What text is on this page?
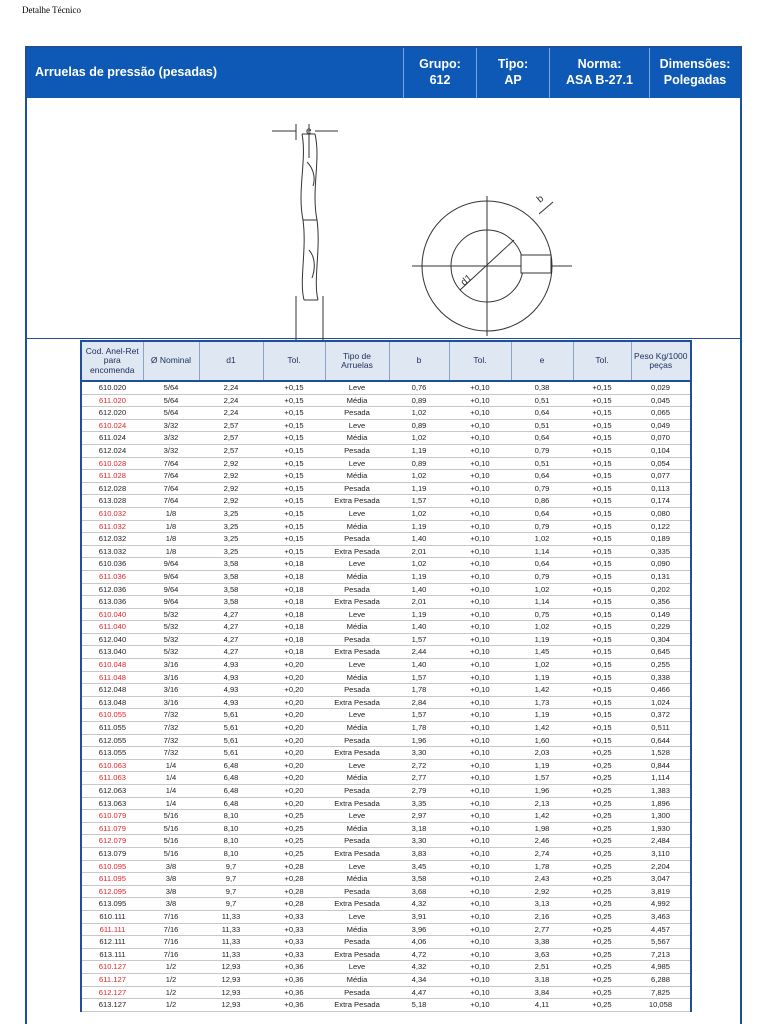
Detalhe Técnico
Arruelas de pressão (pesadas)
Grupo:
612
Tipo:
AP
Norma:
ASA B-27.1
Dimensões:
Polegadas
e
b
d1
Cod. Anel-Ret para encomenda	Ø Nominal	d1	Tol.	Tipo de Arruelas	b	Tol.	e	Tol.	Peso Kg/1000 peças
610.020	5/64	2,24	+0,15	Leve	0,76	+0,10	0,38	+0,15	0,029
611.020	5/64	2,24	+0,15	Média	0,89	+0,10	0,51	+0,15	0,045
612.020	5/64	2,24	+0,15	Pesada	1,02	+0,10	0,64	+0,15	0,065
610.024	3/32	2,57	+0,15	Leve	0,89	+0,10	0,51	+0,15	0,049
611.024	3/32	2,57	+0,15	Média	1,02	+0,10	0,64	+0,15	0,070
612.024	3/32	2,57	+0,15	Pesada	1,19	+0,10	0,79	+0,15	0,104
610.028	7/64	2,92	+0,15	Leve	0,89	+0,10	0,51	+0,15	0,054
611.028	7/64	2,92	+0,15	Média	1,02	+0,10	0,64	+0,15	0,077
612.028	7/64	2,92	+0,15	Pesada	1,19	+0,10	0,79	+0,15	0,113
613.028	7/64	2,92	+0,15	Extra Pesada	1,57	+0,10	0,86	+0,15	0,174
610.032	1/8	3,25	+0,15	Leve	1,02	+0,10	0,64	+0,15	0,080
611.032	1/8	3,25	+0,15	Média	1,19	+0,10	0,79	+0,15	0,122
612.032	1/8	3,25	+0,15	Pesada	1,40	+0,10	1,02	+0,15	0,189
613.032	1/8	3,25	+0,15	Extra Pesada	2,01	+0,10	1,14	+0,15	0,335
610.036	9/64	3,58	+0,18	Leve	1,02	+0,10	0,64	+0,15	0,090
611.036	9/64	3,58	+0,18	Média	1,19	+0,10	0,79	+0,15	0,131
612.036	9/64	3,58	+0,18	Pesada	1,40	+0,10	1,02	+0,15	0,202
613.036	9/64	3,58	+0,18	Extra Pesada	2,01	+0,10	1,14	+0,15	0,356
610.040	5/32	4,27	+0,18	Leve	1,19	+0,10	0,75	+0,15	0,149
611.040	5/32	4,27	+0,18	Média	1,40	+0,10	1,02	+0,15	0,229
612.040	5/32	4,27	+0,18	Pesada	1,57	+0,10	1,19	+0,15	0,304
613.040	5/32	4,27	+0,18	Extra Pesada	2,44	+0,10	1,45	+0,15	0,645
610.048	3/16	4,93	+0,20	Leve	1,40	+0,10	1,02	+0,15	0,255
611.048	3/16	4,93	+0,20	Média	1,57	+0,10	1,19	+0,15	0,338
612.048	3/16	4,93	+0,20	Pesada	1,78	+0,10	1,42	+0,15	0,466
613.048	3/16	4,93	+0,20	Extra Pesada	2,84	+0,10	1,73	+0,15	1,024
610.055	7/32	5,61	+0,20	Leve	1,57	+0,10	1,19	+0,15	0,372
611.055	7/32	5,61	+0,20	Média	1,78	+0,10	1,42	+0,15	0,511
612.055	7/32	5,61	+0,20	Pesada	1,96	+0,10	1,60	+0,15	0,644
613.055	7/32	5,61	+0,20	Extra Pesada	3,30	+0,10	2,03	+0,25	1,528
610.063	1/4	6,48	+0,20	Leve	2,72	+0,10	1,19	+0,25	0,844
611.063	1/4	6,48	+0,20	Média	2,77	+0,10	1,57	+0,25	1,114
612.063	1/4	6,48	+0,20	Pesada	2,79	+0,10	1,96	+0,25	1,383
613.063	1/4	6,48	+0,20	Extra Pesada	3,35	+0,10	2,13	+0,25	1,896
610.079	5/16	8,10	+0,25	Leve	2,97	+0,10	1,42	+0,25	1,300
611.079	5/16	8,10	+0,25	Média	3,18	+0,10	1,98	+0,25	1,930
612.079	5/16	8,10	+0,25	Pesada	3,30	+0,10	2,46	+0,25	2,484
613.079	5/16	8,10	+0,25	Extra Pesada	3,83	+0,10	2,74	+0,25	3,110
610.095	3/8	9,7	+0,28	Leve	3,45	+0,10	1,78	+0,25	2,204
611.095	3/8	9,7	+0,28	Média	3,58	+0,10	2,43	+0,25	3,047
612.095	3/8	9,7	+0,28	Pesada	3,68	+0,10	2,92	+0,25	3,819
613.095	3/8	9,7	+0,28	Extra Pesada	4,32	+0,10	3,13	+0,25	4,992
610.111	7/16	11,33	+0,33	Leve	3,91	+0,10	2,16	+0,25	3,463
611.111	7/16	11,33	+0,33	Média	3,96	+0,10	2,77	+0,25	4,457
612.111	7/16	11,33	+0,33	Pesada	4,06	+0,10	3,38	+0,25	5,567
613.111	7/16	11,33	+0,33	Extra Pesada	4,72	+0,10	3,63	+0,25	7,213
610.127	1/2	12,93	+0,36	Leve	4,32	+0,10	2,51	+0,25	4,985
611.127	1/2	12,93	+0,36	Média	4,34	+0,10	3,18	+0,25	6,288
612.127	1/2	12,93	+0,36	Pesada	4,47	+0,10	3,84	+0,25	7,825
613.127	1/2	12,93	+0,36	Extra Pesada	5,18	+0,10	4,11	+0,25	10,058
